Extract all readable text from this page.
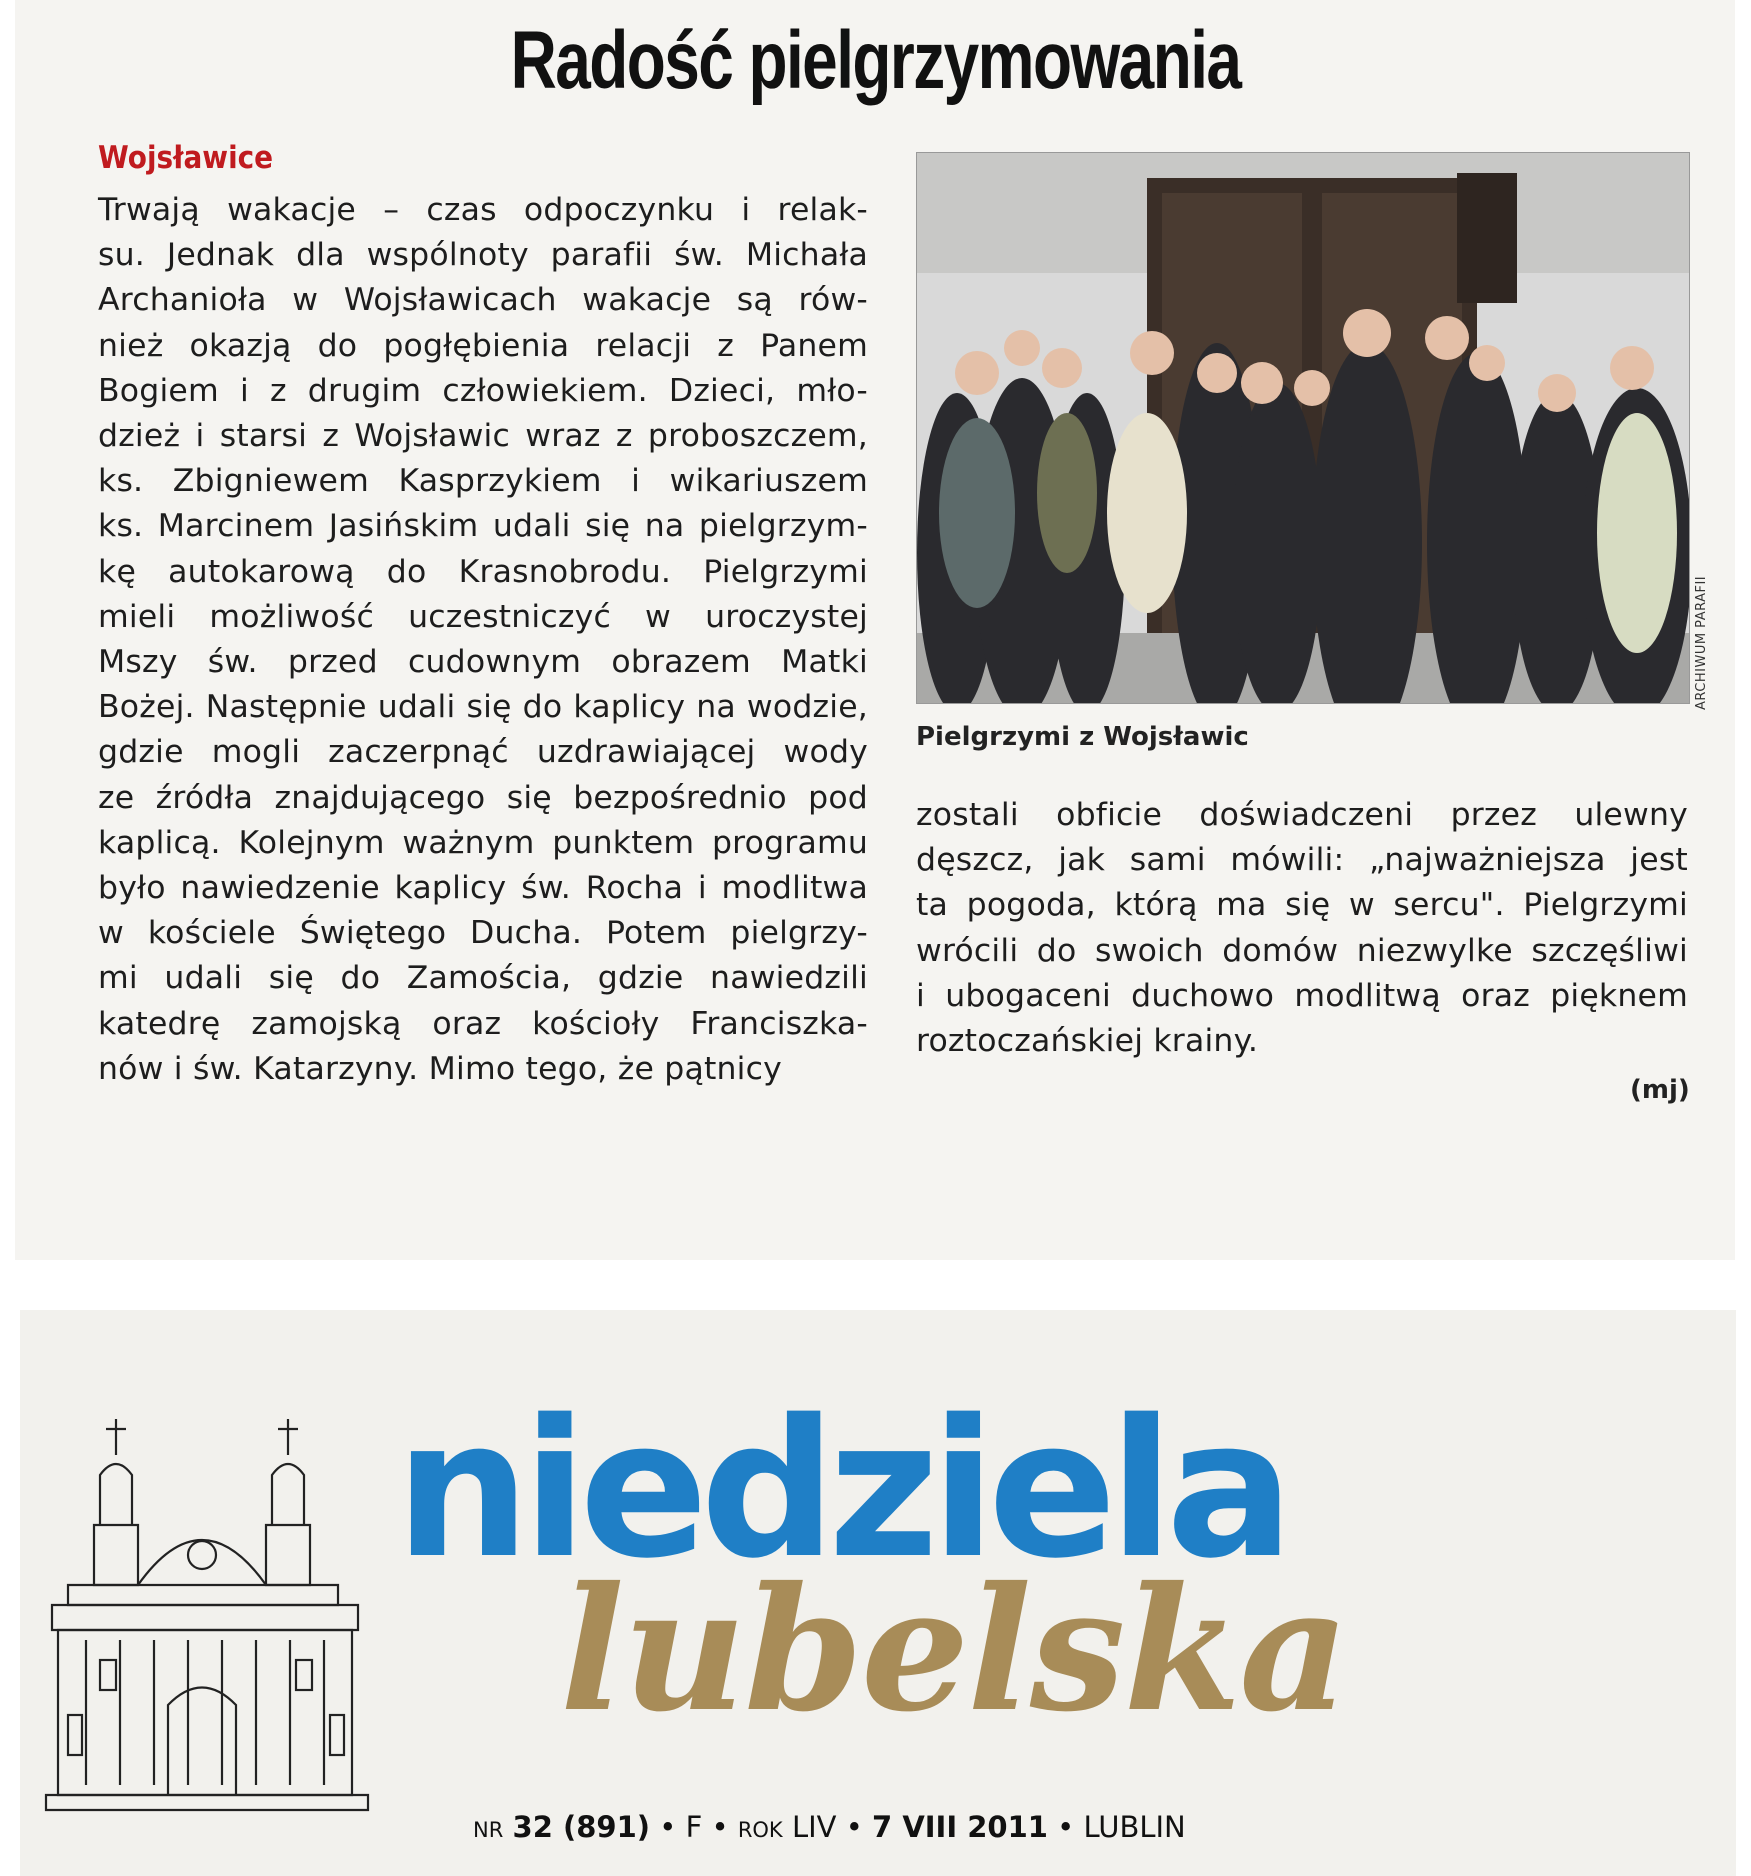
Radość pielgrzymowania
Wojsławice
Trwają wakacje – czas odpoczynku i relak-
su. Jednak dla wspólnoty parafii św. Michała
Archanioła w Wojsławicach wakacje są rów-
nież okazją do pogłębienia relacji z Panem
Bogiem i z drugim człowiekiem. Dzieci, mło-
dzież i starsi z Wojsławic wraz z proboszczem,
ks. Zbigniewem Kasprzykiem i wikariuszem
ks. Marcinem Jasińskim udali się na pielgrzym-
kę autokarową do Krasnobrodu. Pielgrzymi
mieli możliwość uczestniczyć w uroczystej
Mszy św. przed cudownym obrazem Matki
Bożej. Następnie udali się do kaplicy na wodzie,
gdzie mogli zaczerpnąć uzdrawiającej wody
ze źródła znajdującego się bezpośrednio pod
kaplicą. Kolejnym ważnym punktem programu
było nawiedzenie kaplicy św. Rocha i modlitwa
w kościele Świętego Ducha. Potem pielgrzy-
mi udali się do Zamościa, gdzie nawiedzili
katedrę zamojską oraz kościoły Franciszka-
nów i św. Katarzyny. Mimo tego, że pątnicy
ARCHIWUM PARAFII
Pielgrzymi z Wojsławic
zostali obficie doświadczeni przez ulewny
dęszcz, jak sami mówili: „najważniejsza jest
ta pogoda, którą ma się w sercu". Pielgrzymi
wrócili do swoich domów niezwylke szczęśliwi
i ubogaceni duchowo modlitwą oraz pięknem
roztoczańskiej krainy.
(mj)
niedziela
lubelska
NR 32 (891) • F • ROK LIV • 7 VIII 2011 • LUBLIN
